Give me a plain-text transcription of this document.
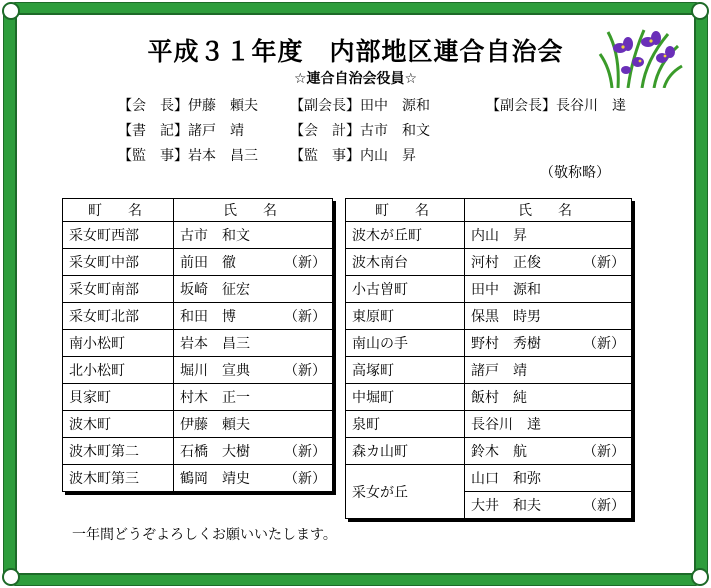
平成３１年度　内部地区連合自治会
☆連合自治会役員☆
【会　長】伊藤　頼夫 【副会長】田中　源和	【副会長】長谷川　達
【書　記】諸戸　靖	【会　計】古市　和文
【監　事】岩本　昌三 【監　事】内山　昇
（敬称略）
町　名	氏　名
采女町西部	古市　和文
采女町中部	前田　徹 （新）

采女町南部	坂崎　征宏
采女町北部	和田　博 （新）

南小松町	岩本　昌三
北小松町	堀川　宣典 （新）

貝家町	村木　正一
波木町	伊藤　頼夫
波木町第二	石橋　大樹 （新）

波木町第三	鶴岡　靖史 （新）
町　名	氏　名
波木が丘町	内山　昇
波木南台	河村　正俊 （新）

小古曽町	田中　源和
東原町	保黒　時男
南山の手	野村　秀樹 （新）

高塚町	諸戸　靖
中堀町	飯村　純
泉町	長谷川　達
森カ山町	鈴木　航 （新）

采女が丘	山口　和弥
	大井　和夫 （新）
一年間どうぞよろしくお願いいたします。
